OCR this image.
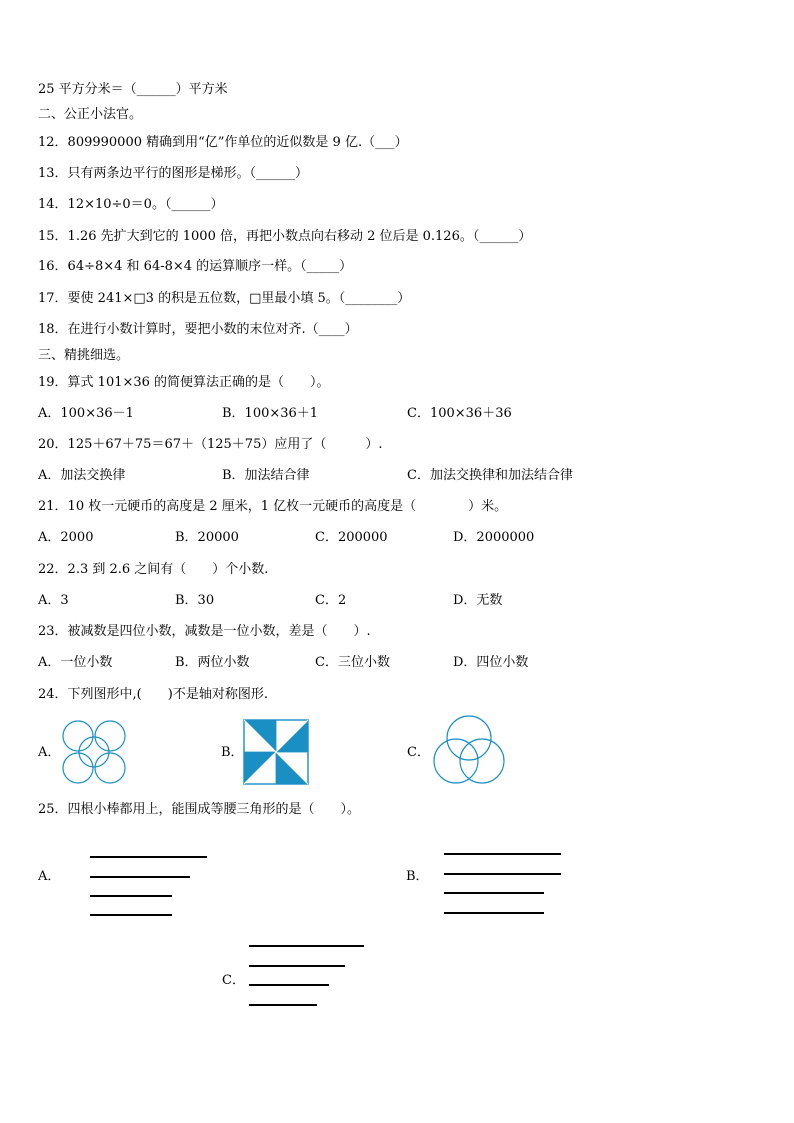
25 平方分米＝（______）平方米
二、公正小法官。
12．809990000 精确到用“亿”作单位的近似数是 9 亿.（___）
13．只有两条边平行的图形是梯形。（______）
14．12×10÷0＝0。（______）
15．1.26 先扩大到它的 1000 倍，再把小数点向右移动 2 位后是 0.126。（______）
16．64÷8×4 和 64-8×4 的运算顺序一样。（_____）
17．要使 241×□3 的积是五位数，□里最小填 5。（________）
18．在进行小数计算时，要把小数的末位对齐.（____）
三、精挑细选。
19．算式 101×36 的简便算法正确的是（　　）。
A．100×36－1	B．100×36＋1	C．100×36＋36
20．125＋67＋75＝67＋（125＋75）应用了（　　　）.
A．加法交换律	B．加法结合律	C．加法交换律和加法结合律
21．10 枚一元硬币的高度是 2 厘米，1 亿枚一元硬币的高度是（　　　　）米。
A．2000	B．20000	C．200000	D．2000000
22．2.3 到 2.6 之间有（　　）个小数.
A．3	B．30	C．2	D．无数
23．被减数是四位小数，减数是一位小数，差是（　　）.
A．一位小数	B．两位小数	C．三位小数	D．四位小数
24．下列图形中,(　　)不是轴对称图形.
A．	B．	C．
25．四根小棒都用上，能围成等腰三角形的是（　　）。
A．	B．
C．
